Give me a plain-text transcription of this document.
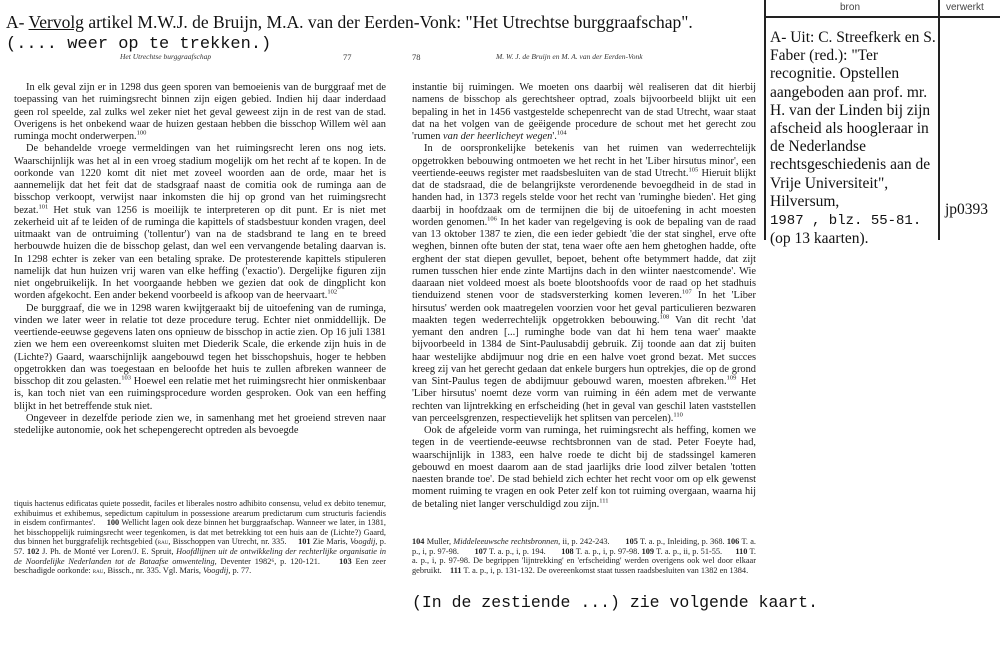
A- Vervolg artikel M.W.J. de Bruijn, M.A. van der Eerden-Vonk: "Het Utrechtse burggraafschap".
(.... weer op te trekken.)
Het Utrechtse burggraafschap	77

In elk geval zijn er in 1298 dus geen sporen van bemoeienis van de burggraaf met de toepassing van het ruimingsrecht binnen zijn eigen gebied. Indien hij daar inderdaad geen rol speelde, zal zulks wel zeker niet het geval geweest zijn in de rest van de stad. Overigens is het onbekend waar de huizen gestaan hebben die bisschop Willem wèl aan ruminga mocht onderwerpen.$^{100}$

De behandelde vroege vermeldingen van het ruimingsrecht leren ons nog iets. Waarschijnlijk was het al in een vroeg stadium mogelijk om het recht af te kopen. In de oorkonde van 1220 komt dit niet met zoveel woorden aan de orde, maar het is aannemelijk dat het feit dat de stadsgraaf naast de comitia ook de ruminga aan de bisschop verkoopt, verwijst naar inkomsten die hij op grond van het ruimingsrecht bezat.$^{101}$ Het stuk van 1256 is moeilijk te interpreteren op dit punt. Er is niet met zekerheid uit af te leiden of de ruminga die kapittels of stadsbestuur konden vragen, deel uitmaakt van de ontruiming ('tollentur') van na de stadsbrand te lang en te breed herbouwde huizen die de bisschop gelast, dan wel een vervangende betaling daarvan is. In 1298 echter is zeker van een betaling sprake. De protesterende kapittels stipuleren namelijk dat hun huizen vrij waren van elke heffing ('exactio'). Dergelijke figuren zijn niet ongebruikelijk. In het voorgaande hebben we gezien dat ook de dingplicht kon worden afgekocht. Een ander bekend voorbeeld is afkoop van de heervaart.$^{102}$

De burggraaf, die we in 1298 waren kwijtgeraakt bij de uitoefening van de ruminga, vinden we later weer in relatie tot deze procedure terug. Echter niet onmiddellijk. De veertiende-eeuwse gegevens laten ons opnieuw de bisschop in actie zien. Op 16 juli 1381 zien we hem een overeenkomst sluiten met Diederik Scale, die erkende zijn huis in de (Lichte?) Gaard, waarschijnlijk aangebouwd tegen het bisschopshuis, hoger te hebben opgetrokken dan was toegestaan en beloofde het huis te zullen afbreken wanneer de bisschop dit zou gelasten.$^{103}$ Hoewel een relatie met het ruimingsrecht hier onmiskenbaar is, kan toch niet van een ruimingsprocedure worden gesproken. Ook van een heffing blijkt in het betreffende stuk niet.

Ongeveer in dezelfde periode zien we, in samenhang met het groeiend streven naar stedelijke autonomie, ook het schepengerecht optreden als bevoegde

tiquis hactenus edificatas quiete possedit, faciles et liberales nostro adhibito consensu, velud ex debito tenemur, exhibuimus et exhibemus, sepedictum capitulum in possessione arearum predictarum cum structuris faciendis in eisdem confirmantes'. 100 Wellicht lagen ook deze binnen het burggraafschap. Wanneer we later, in 1381, het bisschoppelijk ruimingsrecht weer tegenkomen, is dat met betrekking tot een huis aan de (Lichte?) Gaard, dus binnen het burggrafelijk rechtsgebied (rau, Bisschoppen van Utrecht, nr. 335. 101 Zie Maris, Voogdij, p. 57. 102 J. Ph. de Monté ver Loren/J. E. Spruit, Hoofdlijnen uit de ontwikkeling der rechterlijke organisatie in de Noordelijke Nederlanden tot de Bataafse omwenteling, Deventer 1982⁶, p. 120-121. 103 Een zeer beschadigde oorkonde: rau, Bissch., nr. 335. Vgl. Maris, Voogdij, p. 77.
78	M. W. J. de Bruijn en M. A. van der Eerden-Vonk

instantie bij ruimingen. We moeten ons daarbij wèl realiseren dat dit hierbij namens de bisschop als gerechtsheer optrad, zoals bijvoorbeeld blijkt uit een bepaling in het in 1456 vastgestelde schepenrecht van de stad Utrecht, waar staat dat na het volgen van de geëigende procedure de schout met het gerecht zou 'rumen van der heerlicheyt wegen'.$^{104}$

In de oorspronkelijke betekenis van het ruimen van wederrechtelijk opgetrokken bebouwing ontmoeten we het recht in het 'Liber hirsutus minor', een veertiende-eeuws register met raadsbesluiten van de stad Utrecht.$^{105}$ Hieruit blijkt dat de stadsraad, die de belangrijkste verordenende bevoegdheid in de stad in handen had, in 1373 regels stelde voor het recht van 'ruminghe bieden'. Het ging daarbij in hoofdzaak om de termijnen die bij de uitoefening in acht moesten worden genomen.$^{106}$ In het kader van regelgeving is ook de bepaling van de raad van 13 oktober 1387 te zien, die een ieder gebiedt 'die der stat singhel, erve ofte weghen, binnen ofte buten der stat, tena waer ofte aen hem ghetoghen hadde, ofte erghent der stat diepen gevullet, bepoet, behent ofte betymmert hadde, dat zijt rumen tusschen hier ende zinte Martijns dach in den wiinter naestcomende'. Wie daaraan niet voldeed moest als boete blootshoofds voor de raad op het stadhuis tienduizend stenen voor de stadsversterking komen leveren.$^{107}$ In het 'Liber hirsutus' werden ook maatregelen voorzien voor het geval particulieren bezwaren maakten tegen wederrechtelijk opgetrokken bebouwing.$^{108}$ Van dit recht 'dat yemant den andren [...] ruminghe bode van dat hi hem tena waer' maakte bijvoorbeeld in 1384 de Sint-Paulusabdij gebruik. Zij toonde aan dat zij buiten haar westelijke abdijmuur nog drie en een halve voet grond bezat. Met succes kreeg zij van het gerecht gedaan dat enkele burgers hun optrekjes, die op de grond van Sint-Paulus tegen de abdijmuur gebouwd waren, moesten afbreken.$^{109}$ Het 'Liber hirsutus' noemt deze vorm van ruiming in één adem met de verwante rechten van lijntrekking en erfscheiding (het in geval van geschil laten vaststellen van perceelsgrenzen, respectievelijk het splitsen van percelen).$^{110}$

Ook de afgeleide vorm van ruminga, het ruimingsrecht als heffing, komen we tegen in de veertiende-eeuwse rechtsbronnen van de stad. Peter Foeyte had, waarschijnlijk in 1383, een halve roede te dicht bij de stadssingel kameren gebouwd en moest daarom aan de stad jaarlijks drie lood zilver betalen 'totten naesten brande toe'. De stad behield zich echter het recht voor om op elk gewenst moment ruiming te vragen en ook Peter zelf kon tot ruiming overgaan, waarna hij de betaling niet langer verschuldigd zou zijn.$^{111}$

104 Muller, Middeleeuwsche rechtsbronnen, ii, p. 242-243. 105 T. a. p., Inleiding, p. 368. 106 T. a. p., i, p. 97-98. 107 T. a. p., i, p. 194. 108 T. a. p., i, p. 97-98. 109 T. a. p., ii, p. 51-55. 110 T. a. p., i, p. 97-98. De begrippen 'lijntrekking' en 'erfscheiding' werden overigens ook wel door elkaar gebruikt. 111 T. a. p., i, p. 131-132. De overeenkomst staat tussen raadsbesluiten van 1382 en 1384.
(In de zestiende ...) zie volgende kaart.
bron	verwerkt
A- Uit: C. Streefkerk en S. Faber (red.): "Ter recognitie. Opstellen aangeboden aan prof. mr. H. van der Linden bij zijn afscheid als hoogleraar in de Nederlandse rechtsgeschiedenis aan de Vrije Universiteit", Hilversum,
1987 , blz. 55-81.
(op 13 kaarten).
jp0393
